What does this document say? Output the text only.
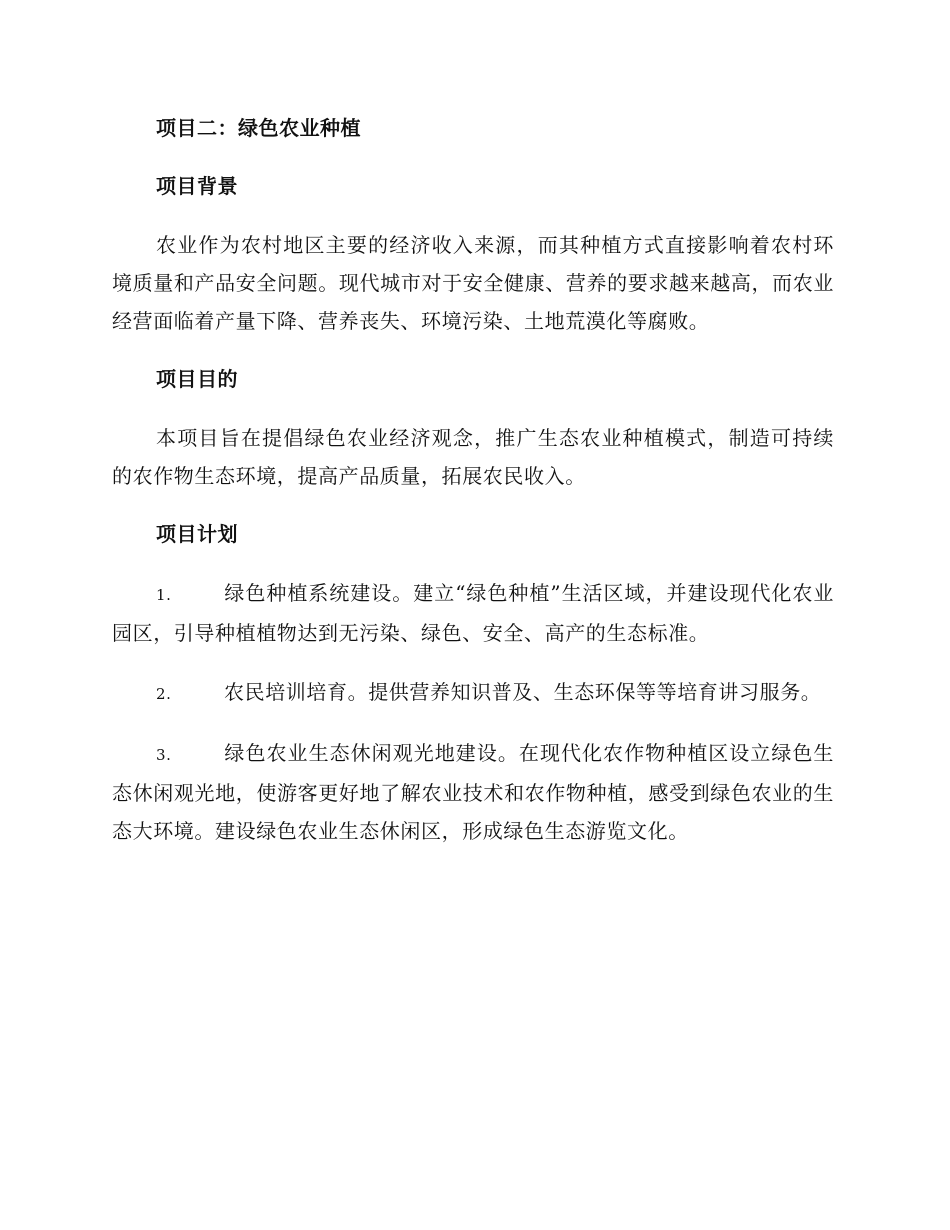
项目二：绿色农业种植
项目背景

农业作为农村地区主要的经济收入来源，而其种植方式直接影响着农村环境质量和产品安全问题。现代城市对于安全健康、营养的要求越来越高，而农业经营面临着产量下降、营养丧失、环境污染、土地荒漠化等腐败。

项目目的

本项目旨在提倡绿色农业经济观念，推广生态农业种植模式，制造可持续的农作物生态环境，提高产品质量，拓展农民收入。

项目计划

1.	绿色种植系统建设。建立“绿色种植”生活区域，并建设现代化农业园区，引导种植植物达到无污染、绿色、安全、高产的生态标准。

2.	农民培训培育。提供营养知识普及、生态环保等等培育讲习服务。

3.	绿色农业生态休闲观光地建设。在现代化农作物种植区设立绿色生态休闲观光地，使游客更好地了解农业技术和农作物种植，感受到绿色农业的生态大环境。建设绿色农业生态休闲区，形成绿色生态游览文化。
